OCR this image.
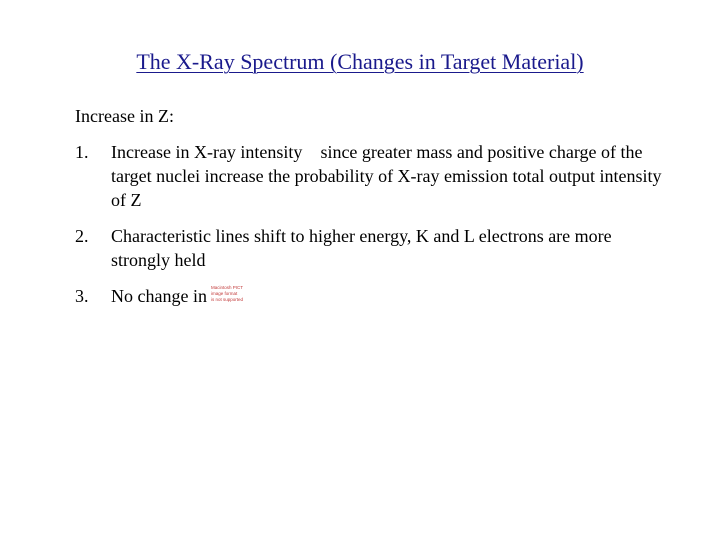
The X-Ray Spectrum (Changes in Target Material)

Increase in Z:

1.	Increase in X-ray intensity since greater mass and positive charge of the target nuclei increase the probability of X-ray emission total output intensity of Z
2.	Characteristic lines shift to higher energy, K and L electrons are more strongly held
3.	No change in Macintosh PICT
image format
is not supported
